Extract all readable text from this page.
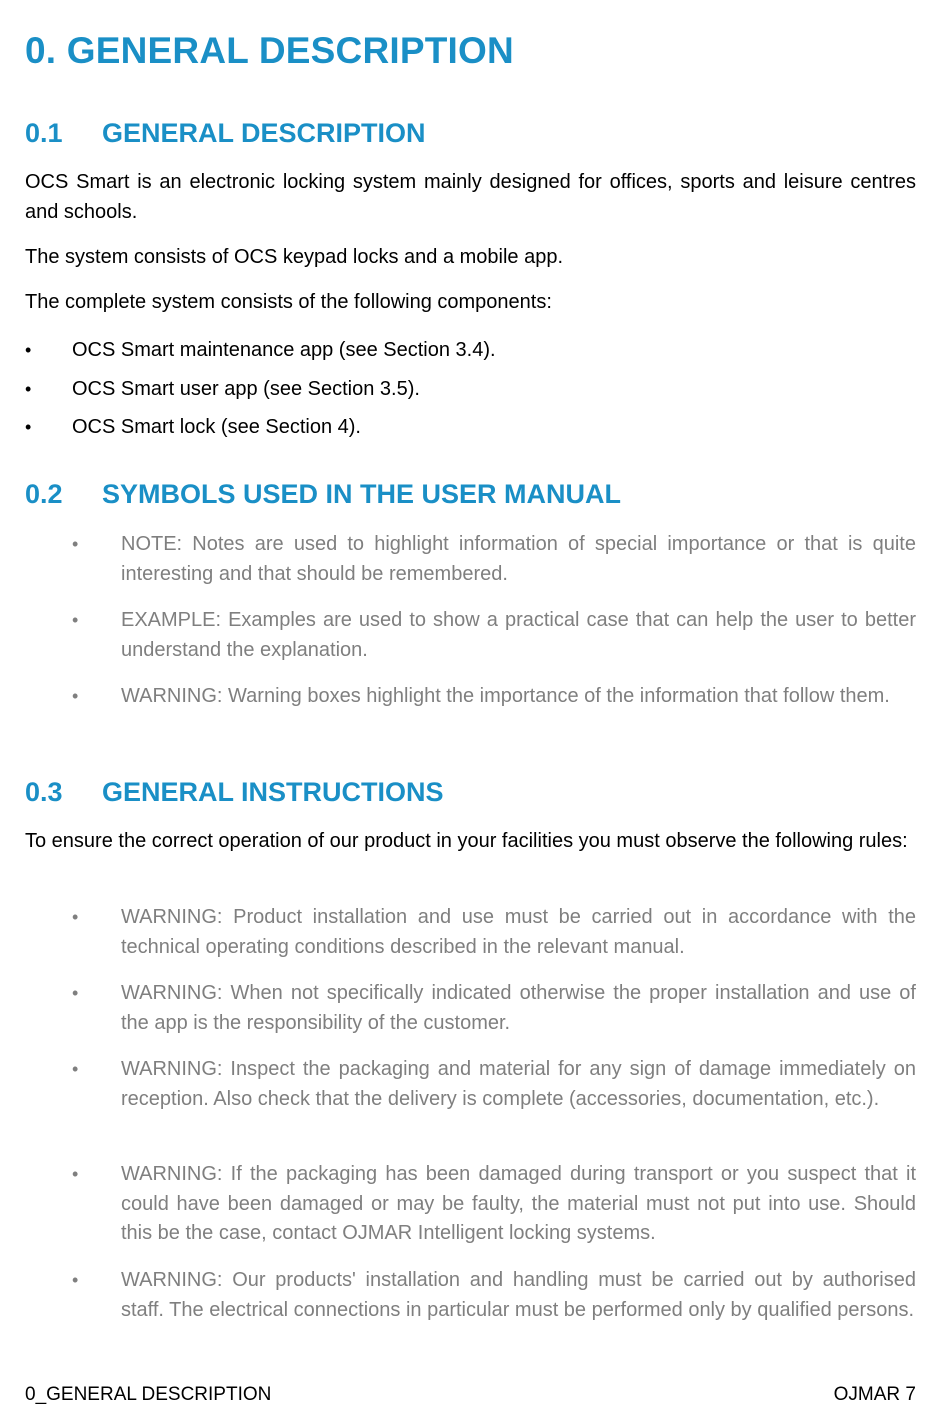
0. GENERAL DESCRIPTION
0.1 GENERAL DESCRIPTION

OCS Smart is an electronic locking system mainly designed for offices, sports and leisure centres and schools.

The system consists of OCS keypad locks and a mobile app.

The complete system consists of the following components:

• OCS Smart maintenance app (see Section 3.4).
• OCS Smart user app (see Section 3.5).
• OCS Smart lock (see Section 4).
0.2 SYMBOLS USED IN THE USER MANUAL
• NOTE: Notes are used to highlight information of special importance or that is quite interesting and that should be remembered.

• EXAMPLE: Examples are used to show a practical case that can help the user to better understand the explanation.

• WARNING: Warning boxes highlight the importance of the information that follow them.

0.3 GENERAL INSTRUCTIONS

To ensure the correct operation of our product in your facilities you must observe the following rules:

• WARNING: Product installation and use must be carried out in accordance with the technical operating conditions described in the relevant manual.

• WARNING: When not specifically indicated otherwise the proper installation and use of the app is the responsibility of the customer.

• WARNING: Inspect the packaging and material for any sign of damage immediately on reception. Also check that the delivery is complete (accessories, documentation, etc.).

• WARNING: If the packaging has been damaged during transport or you suspect that it could have been damaged or may be faulty, the material must not put into use. Should this be the case, contact OJMAR Intelligent locking systems.

• WARNING: Our products' installation and handling must be carried out by authorised staff. The electrical connections in particular must be performed only by qualified persons.

0_GENERAL DESCRIPTION	OJMAR 7
